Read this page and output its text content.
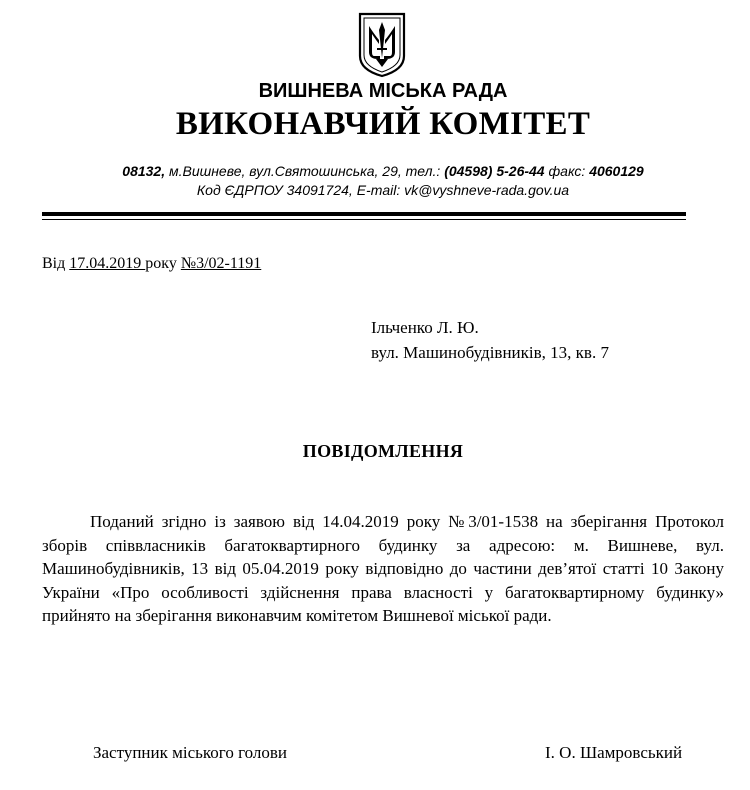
ВИШНЕВА МІСЬКА РАДА
ВИКОНАВЧИЙ КОМІТЕТ
08132, м.Вишневе, вул.Святошинська, 29, тел.: (04598) 5-26-44 факс: 4060129
Код ЄДРПОУ 34091724, E-mail: vk@vyshneve-rada.gov.ua
Від 17.04.2019 року №3/02-1191
Ільченко Л. Ю.
вул. Машинобудівників, 13, кв. 7
ПОВІДОМЛЕННЯ
Поданий згідно із заявою від 14.04.2019 року №3/01-1538 на зберігання Протокол зборів співвласників багатоквартирного будинку за адресою: м. Вишневе, вул. Машинобудівників, 13 від 05.04.2019 року відповідно до частини дев’ятої статті 10 Закону України «Про особливості здійснення права власності у багатоквартирному будинку» прийнято на зберігання виконавчим комітетом Вишневої міської ради.
Заступник міського голови	І. О. Шамровський
